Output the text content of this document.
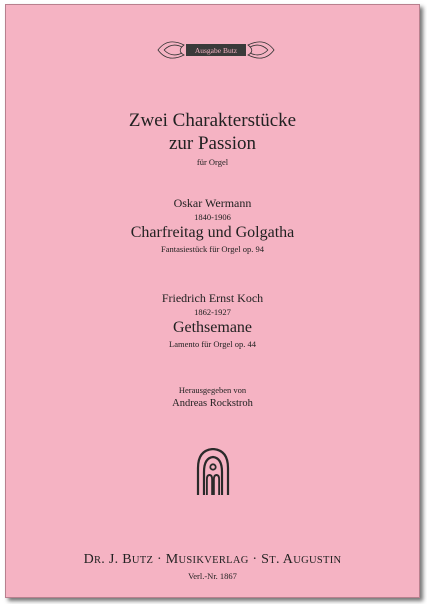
Ausgabe Butz
Zwei Charakterstücke
zur Passion
für Orgel
Oskar Wermann
1840-1906
Charfreitag und Golgatha
Fantasiestück für Orgel op. 94
Friedrich Ernst Koch
1862-1927
Gethsemane
Lamento für Orgel op. 44
Herausgegeben von
Andreas Rockstroh
DR. J. BUTZ · MUSIKVERLAG · ST. AUGUSTIN
Verl.-Nr. 1867
